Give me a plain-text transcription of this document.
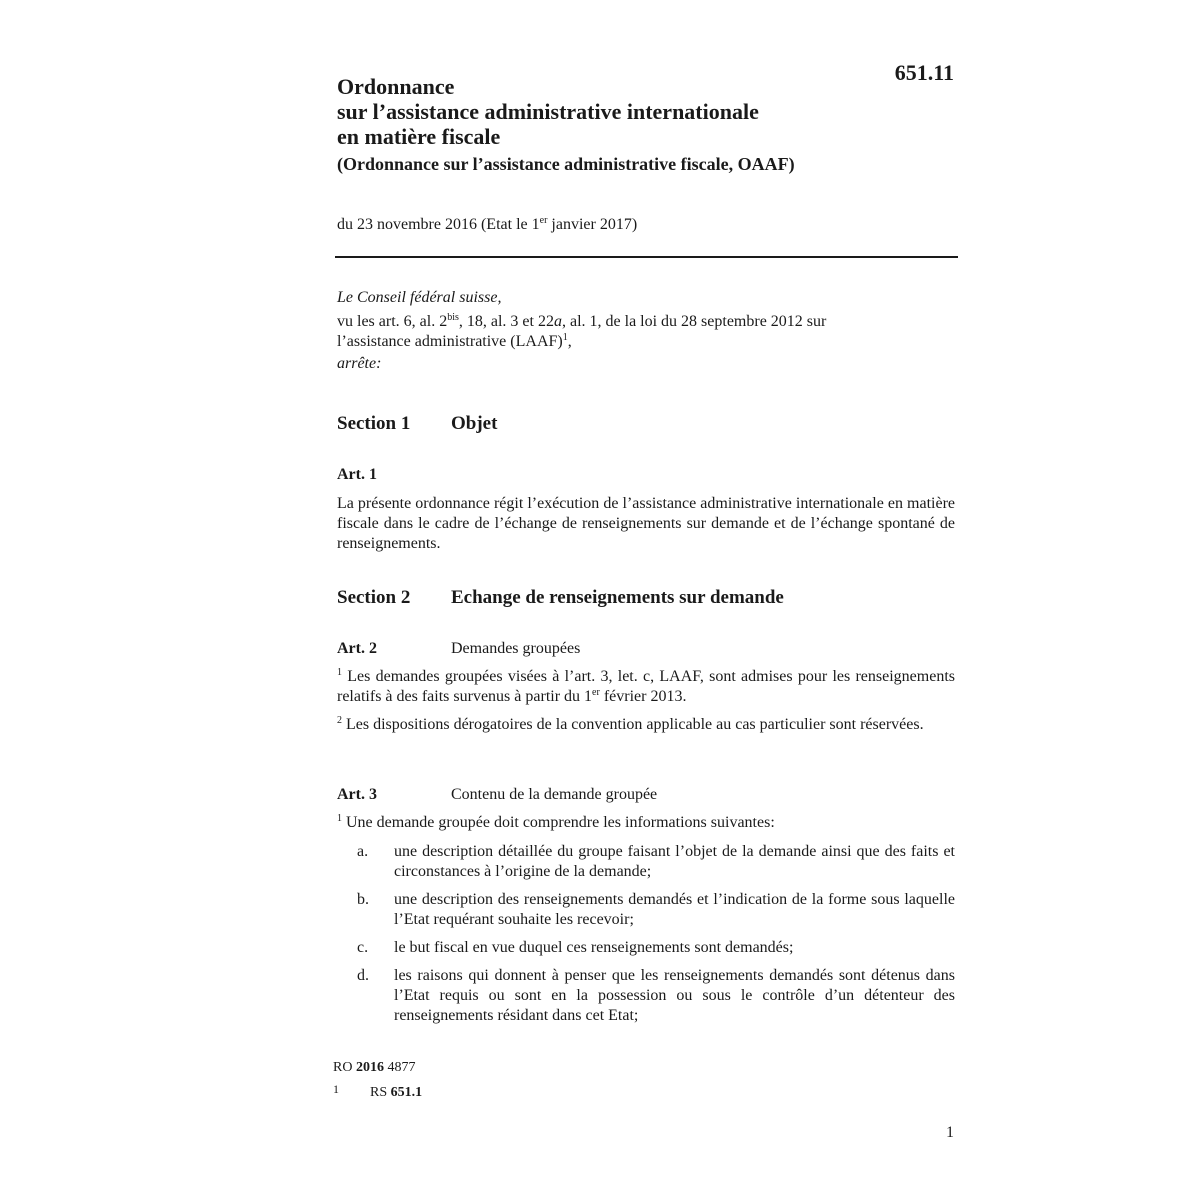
651.11
Ordonnance
sur l’assistance administrative internationale
en matière fiscale
(Ordonnance sur l’assistance administrative fiscale, OAAF)
du 23 novembre 2016 (Etat le 1er janvier 2017)
Le Conseil fédéral suisse,
vu les art. 6, al. $2^{bis}$, 18, al. 3 et 22a, al. 1, de la loi du 28 septembre 2012 sur
l’assistance administrative (LAAF)$^1$,
arrête:
Section 1 Objet
Art. 1
La présente ordonnance régit l’exécution de l’assistance administrative internationale en matière fiscale dans le cadre de l’échange de renseignements sur demande et de l’échange spontané de renseignements.
Section 2 Echange de renseignements sur demande
Art. 2	Demandes groupées
$^1$ Les demandes groupées visées à l’art. 3, let. c, LAAF, sont admises pour les renseignements relatifs à des faits survenus à partir du 1er février 2013.
$^2$ Les dispositions dérogatoires de la convention applicable au cas particulier sont réservées.
Art. 3	Contenu de la demande groupée
$^1$ Une demande groupée doit comprendre les informations suivantes:
a.	une description détaillée du groupe faisant l’objet de la demande ainsi que des faits et circonstances à l’origine de la demande;
b.	une description des renseignements demandés et l’indication de la forme sous laquelle l’Etat requérant souhaite les recevoir;
c.	le but fiscal en vue duquel ces renseignements sont demandés;
d.	les raisons qui donnent à penser que les renseignements demandés sont détenus dans l’Etat requis ou sont en la possession ou sous le contrôle d’un détenteur des renseignements résidant dans cet Etat;
RO 2016 4877
1 RS 651.1
1
